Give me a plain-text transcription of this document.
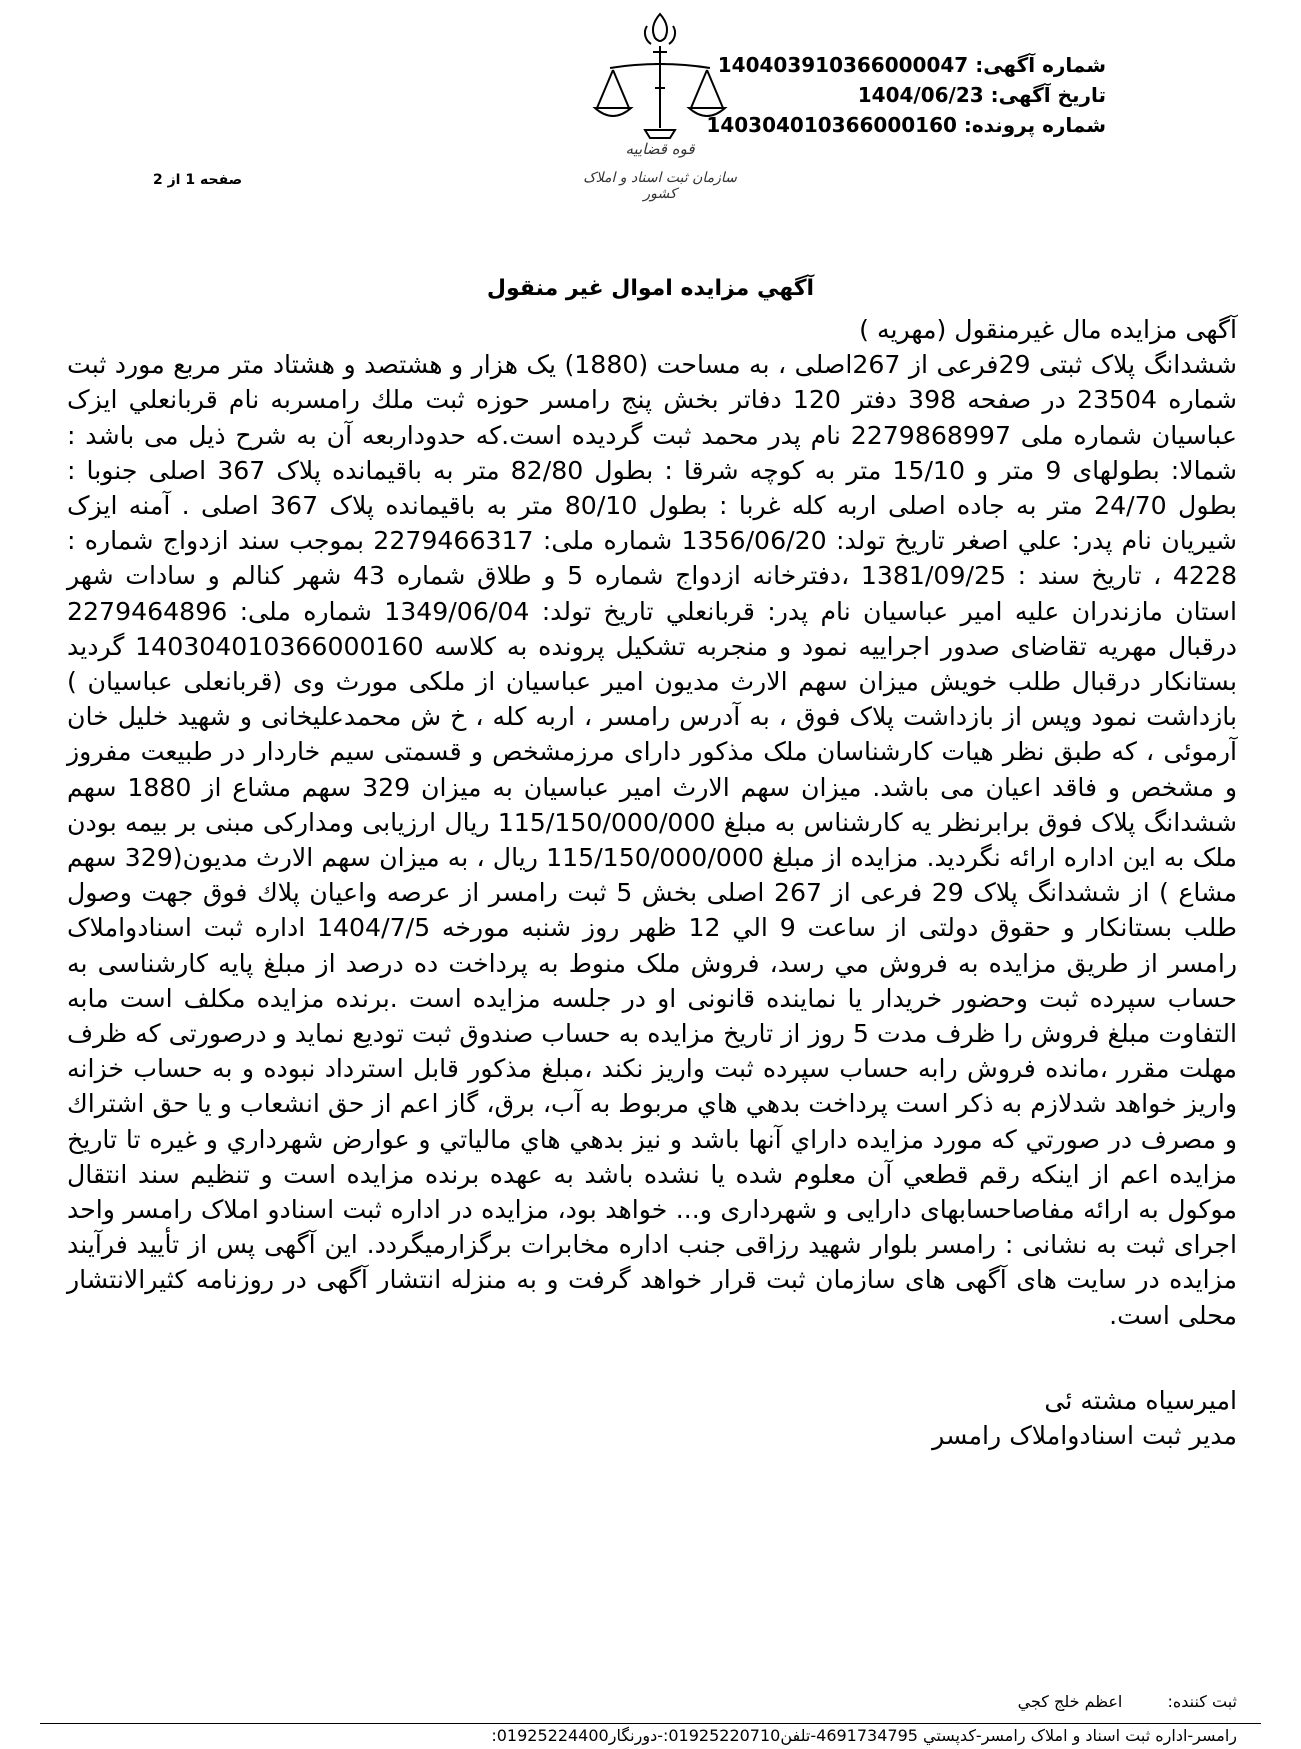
شماره آگهی: 140403910366000047
تاریخ آگهی: 1404/06/23
شماره پرونده: 140304010366000160
صفحه 1 از 2
قوه قضاییه
سازمان ثبت اسناد و املاک کشور
آگهي مزايده اموال غير منقول

آگهی مزایده مال غیرمنقول (مهریه )

ششدانگ پلاک ثبتی 29فرعی از 267اصلی ، به مساحت (1880) یک هزار و هشتصد و هشتاد متر مربع مورد ثبت شماره 23504 در صفحه 398 دفتر 120 دفاتر بخش پنج رامسر حوزه ثبت ملك رامسربه نام قربانعلي ايزک عباسيان شماره ملی 2279868997 نام پدر محمد ثبت گردیده است.که حدوداربعه آن به شرح ذیل می باشد : شمالا: بطولهای 9 متر و 15/10 متر به کوچه شرقا : بطول 82/80 متر به باقیمانده پلاک 367 اصلی جنوبا : بطول 24/70 متر به جاده اصلی اربه کله غربا : بطول 80/10 متر به باقیمانده پلاک 367 اصلی . آمنه ایزک شیریان نام پدر: علي اصغر تاریخ تولد: 1356/06/20 شماره ملی: 2279466317 بموجب سند ازدواج شماره : 4228 ، تاریخ سند : 1381/09/25 ،دفترخانه ازدواج شماره 5 و طلاق شماره 43 شهر کنالم و سادات شهر استان مازندران علیه امیر عباسیان نام پدر: قربانعلي تاریخ تولد: 1349/06/04 شماره ملی: 2279464896 درقبال مهریه تقاضای صدور اجراییه نمود و منجربه تشکیل پرونده به کلاسه 140304010366000160 گردید بستانکار درقبال طلب خویش میزان سهم الارث مدیون امیر عباسیان از ملکی مورث وی (قربانعلی عباسیان ) بازداشت نمود وپس از بازداشت پلاک فوق ، به آدرس رامسر ، اربه کله ، خ ش محمدعلیخانی و شهید خلیل خان آرموئی ، که طبق نظر هیات کارشناسان ملک مذکور دارای مرزمشخص و قسمتی سیم خاردار در طبیعت مفروز و مشخص و فاقد اعیان می باشد. میزان سهم الارث امیر عباسیان به میزان 329 سهم مشاع از 1880 سهم ششدانگ پلاک فوق برابرنظر یه کارشناس به مبلغ 115/150/000/000 ریال ارزیابی ومدارکی مبنی بر بیمه بودن ملک به این اداره ارائه نگردید. مزایده از مبلغ 115/150/000/000 ریال ، به میزان سهم الارث مدیون(329 سهم مشاع ) از ششدانگ پلاک 29 فرعی از 267 اصلی بخش 5 ثبت رامسر از عرصه واعيان پلاك فوق جهت وصول طلب بستانکار و حقوق دولتی از ساعت 9 الي 12 ظهر روز شنبه مورخه 1404/7/5 اداره ثبت اسنادواملاک رامسر از طريق مزايده به فروش مي رسد، فروش ملک منوط به پرداخت ده درصد از مبلغ پایه کارشناسی به حساب سپرده ثبت وحضور خریدار یا نماینده قانونی او در جلسه مزایده است .برنده مزایده مکلف است مابه التفاوت مبلغ فروش را ظرف مدت 5 روز از تاریخ مزایده به حساب صندوق ثبت تودیع نماید و درصورتی که ظرف مهلت مقرر ،مانده فروش رابه حساب سپرده ثبت واریز نکند ،مبلغ مذکور قابل استرداد نبوده و به حساب خزانه واريز خواهد شدلازم به ذکر است پرداخت بدهي هاي مربوط به آب، برق، گاز اعم از حق انشعاب و يا حق اشتراك و مصرف در صورتي كه مورد مزايده داراي آنها باشد و نيز بدهي هاي مالياتي و عوارض شهرداري و غيره تا تاريخ مزايده اعم از اينكه رقم قطعي آن معلوم شده يا نشده باشد به عهده برنده مزایده است و تنظیم سند انتقال موکول به ارائه مفاصاحسابهای دارایی و شهرداری و... خواهد بود، مزایده در اداره ثبت اسنادو املاک رامسر واحد اجرای ثبت به نشانی : رامسر بلوار شهید رزاقی جنب اداره مخابرات برگزارمیگردد. این آگهی پس از تأیید فرآیند مزایده در سایت های آگهی های سازمان ثبت قرار خواهد گرفت و به منزله انتشار آگهی در روزنامه کثیرالانتشار محلی است.

امیرسیاه مشته ئی
مدير ثبت اسنادواملاک رامسر
ثبت كننده: اعظم خلج كجي
رامسر-اداره ثبت اسناد و املاک رامسر-کدپستي 4691734795-تلفن01925220710:-دورنگار01925224400:
